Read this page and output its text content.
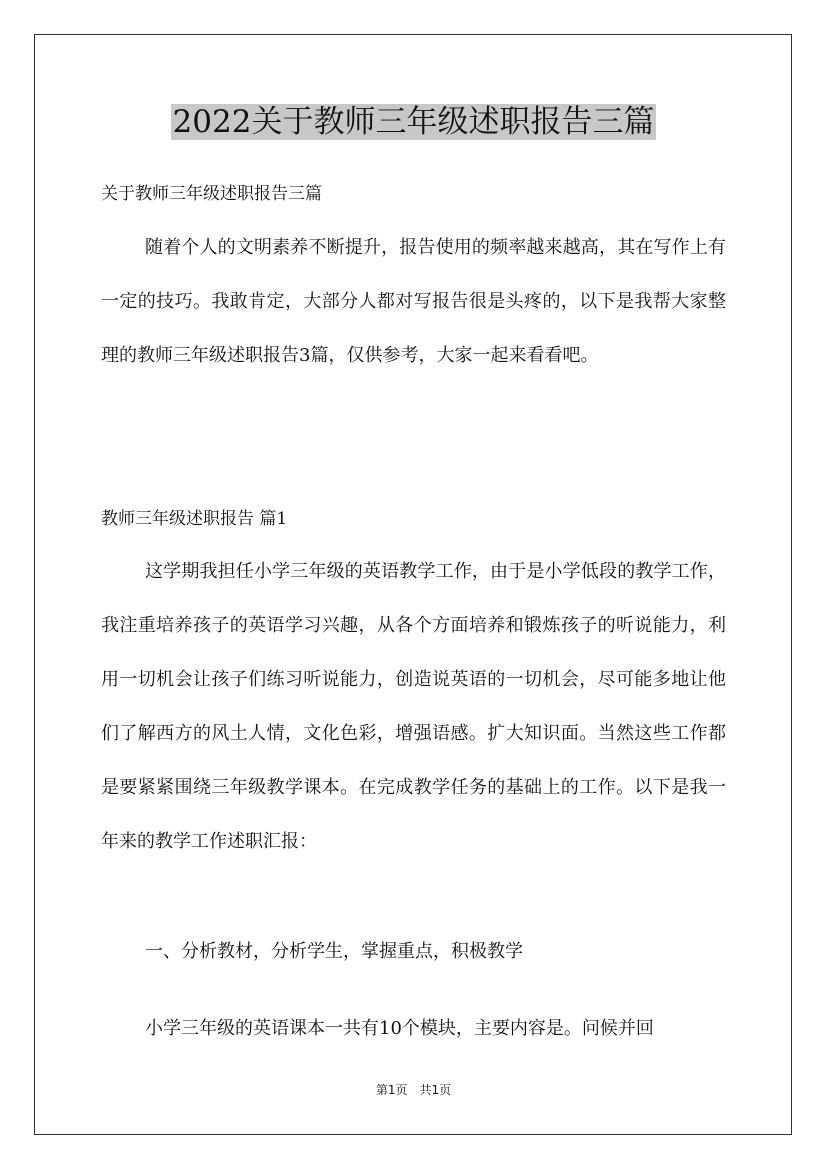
2022关于教师三年级述职报告三篇
关于教师三年级述职报告三篇

随着个人的文明素养不断提升，报告使用的频率越来越高，其在写作上有一定的技巧。我敢肯定，大部分人都对写报告很是头疼的，以下是我帮大家整理的教师三年级述职报告3篇，仅供参考，大家一起来看看吧。

教师三年级述职报告 篇1

这学期我担任小学三年级的英语教学工作，由于是小学低段的教学工作，我注重培养孩子的英语学习兴趣，从各个方面培养和锻炼孩子的听说能力，利用一切机会让孩子们练习听说能力，创造说英语的一切机会，尽可能多地让他们了解西方的风土人情，文化色彩，增强语感。扩大知识面。当然这些工作都是要紧紧围绕三年级教学课本。在完成教学任务的基础上的工作。以下是我一年来的教学工作述职汇报：

一、分析教材，分析学生，掌握重点，积极教学

小学三年级的英语课本一共有10个模块，主要内容是。问候并回

第1页　共1页
